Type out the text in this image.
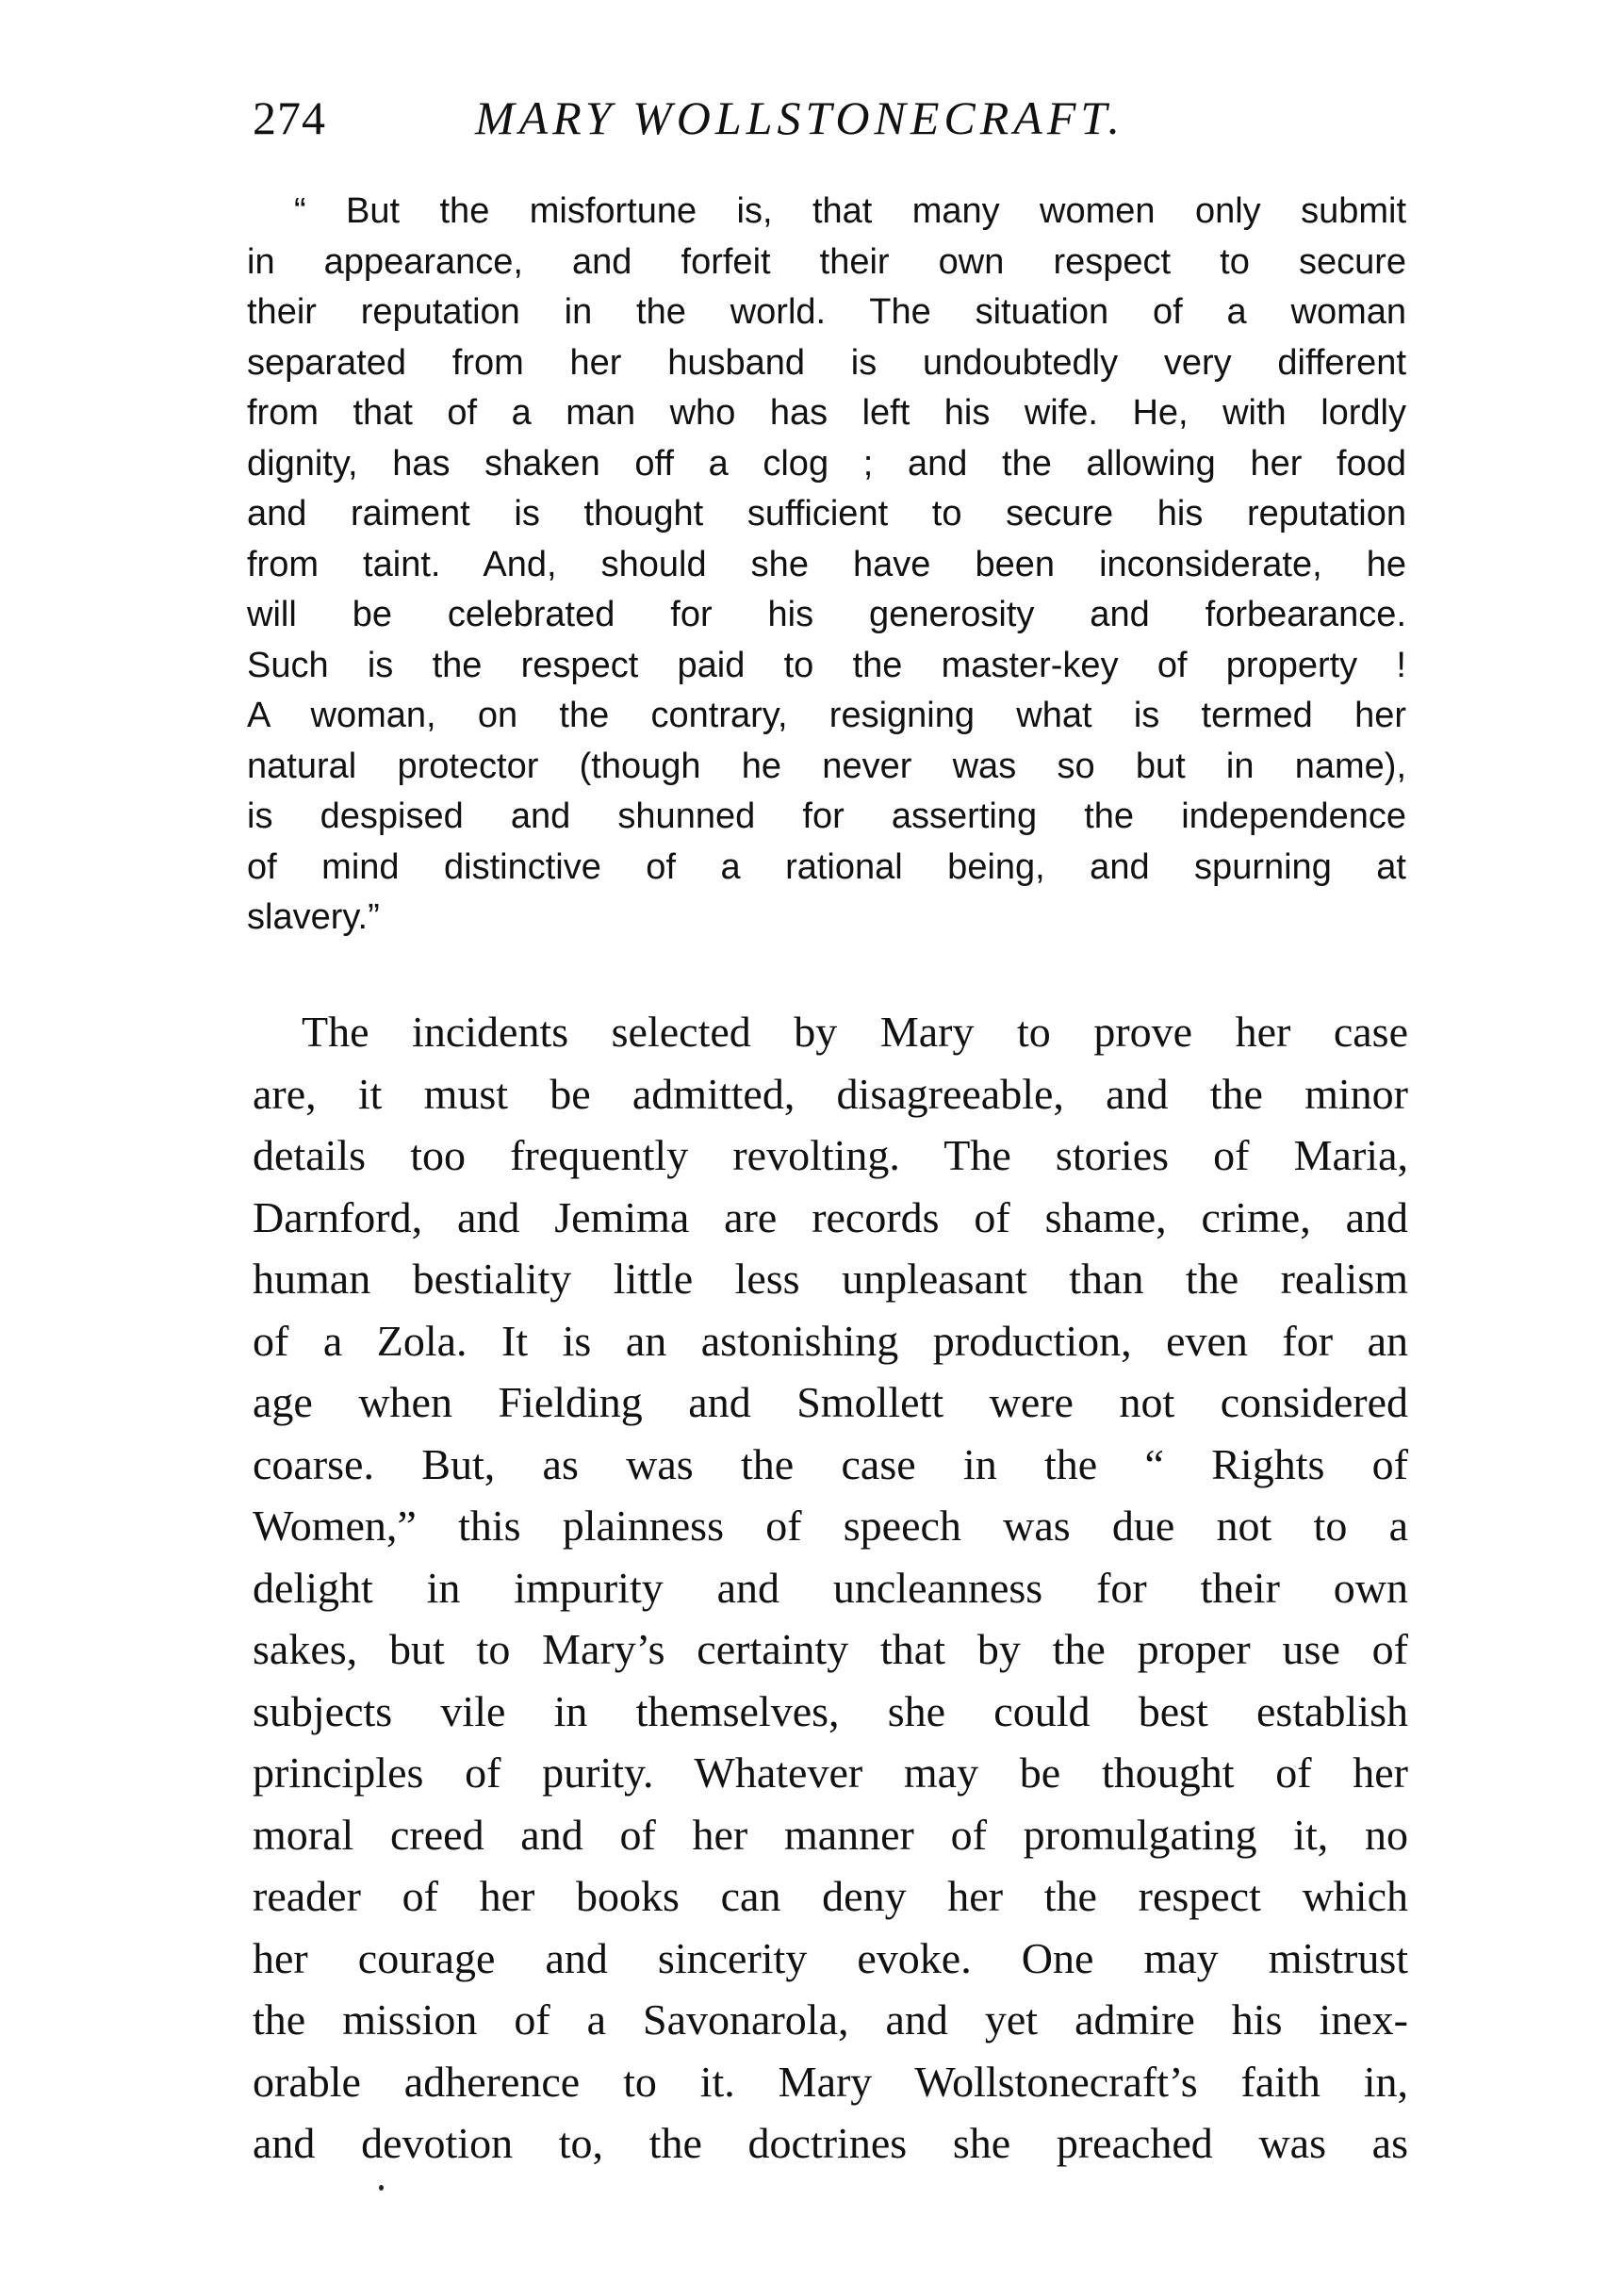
274	MARY WOLLSTONECRAFT.
“ But the misfortune is, that many women only submit
in appearance, and forfeit their own respect to secure
their reputation in the world. The situation of a woman
separated from her husband is undoubtedly very different
from that of a man who has left his wife. He, with lordly
dignity, has shaken off a clog ; and the allowing her food
and raiment is thought sufficient to secure his reputation
from taint. And, should she have been inconsiderate, he
will be celebrated for his generosity and forbearance.
Such is the respect paid to the master-key of property !
A woman, on the contrary, resigning what is termed her
natural protector (though he never was so but in name),
is despised and shunned for asserting the independence
of mind distinctive of a rational being, and spurning at
slavery.”
The incidents selected by Mary to prove her case
are, it must be admitted, disagreeable, and the minor
details too frequently revolting. The stories of Maria,
Darnford, and Jemima are records of shame, crime, and
human bestiality little less unpleasant than the realism
of a Zola. It is an astonishing production, even for an
age when Fielding and Smollett were not considered
coarse. But, as was the case in the “ Rights of
Women,” this plainness of speech was due not to a
delight in impurity and uncleanness for their own
sakes, but to Mary’s certainty that by the proper use of
subjects vile in themselves, she could best establish
principles of purity. Whatever may be thought of her
moral creed and of her manner of promulgating it, no
reader of her books can deny her the respect which
her courage and sincerity evoke. One may mistrust
the mission of a Savonarola, and yet admire his inex-
orable adherence to it. Mary Wollstonecraft’s faith in,
and devotion to, the doctrines she preached was as
